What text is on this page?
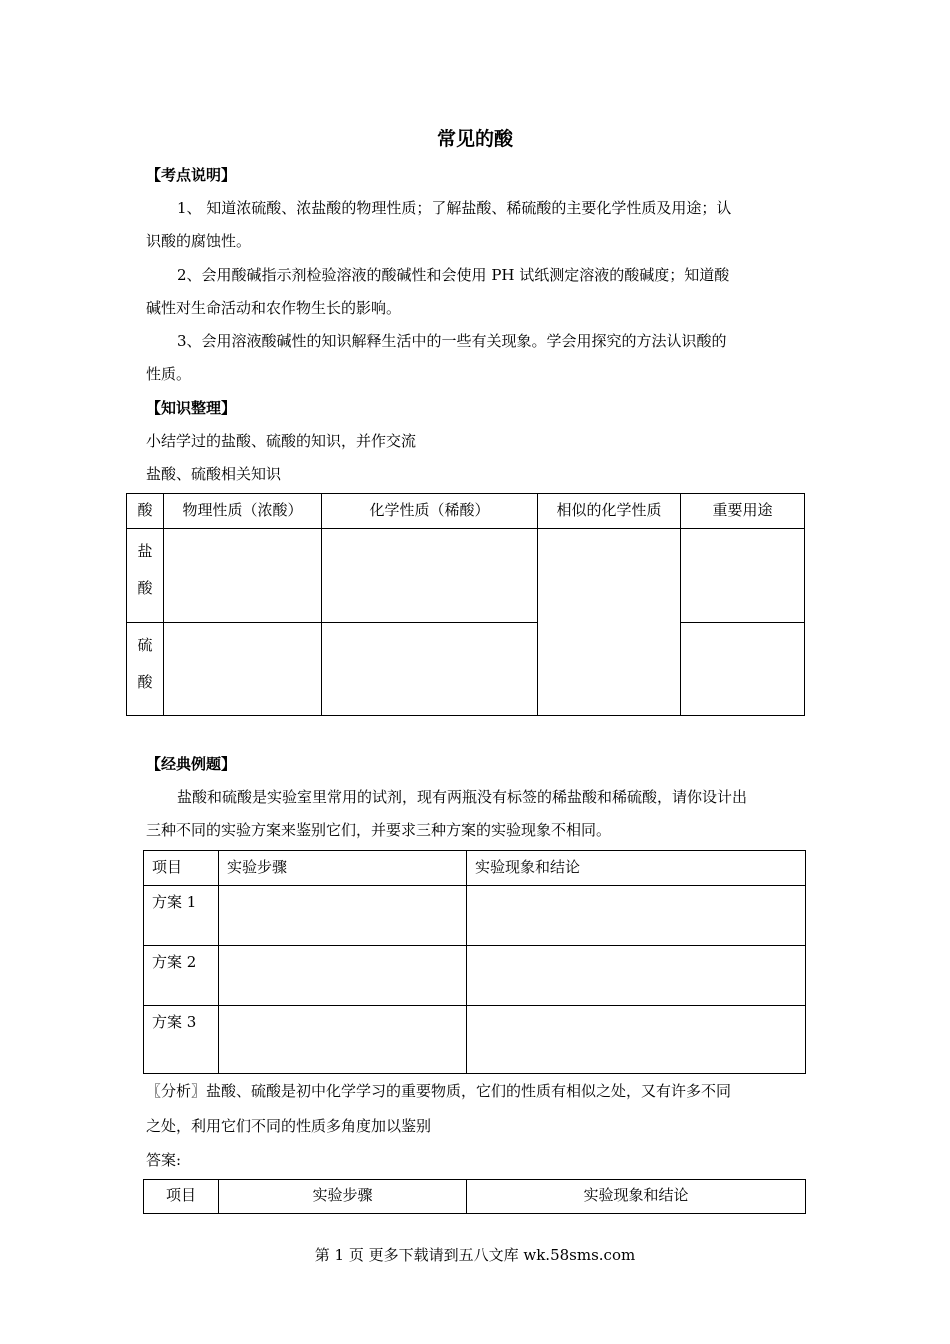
常见的酸
【考点说明】
1、 知道浓硫酸、浓盐酸的物理性质；了解盐酸、稀硫酸的主要化学性质及用途；认
识酸的腐蚀性。
2、会用酸碱指示剂检验溶液的酸碱性和会使用 PH 试纸测定溶液的酸碱度；知道酸
碱性对生命活动和农作物生长的影响。
3、会用溶液酸碱性的知识解释生活中的一些有关现象。学会用探究的方法认识酸的
性质。
【知识整理】
小结学过的盐酸、硫酸的知识，并作交流
盐酸、硫酸相关知识
酸	物理性质（浓酸）	化学性质（稀酸）	相似的化学性质	重要用途

盐
酸				

硫
酸				

【经典例题】
盐酸和硫酸是实验室里常用的试剂，现有两瓶没有标签的稀盐酸和稀硫酸，请你设计出
三种不同的实验方案来鉴别它们，并要求三种方案的实验现象不相同。
项目	实验步骤	实验现象和结论
方案 1		
方案 2		
方案 3		
〖分析〗盐酸、硫酸是初中化学学习的重要物质，它们的性质有相似之处，又有许多不同
之处，利用它们不同的性质多角度加以鉴别
答案:
项目	实验步骤	实验现象和结论
第 1 页 更多下载请到五八文库 wk.58sms.com
